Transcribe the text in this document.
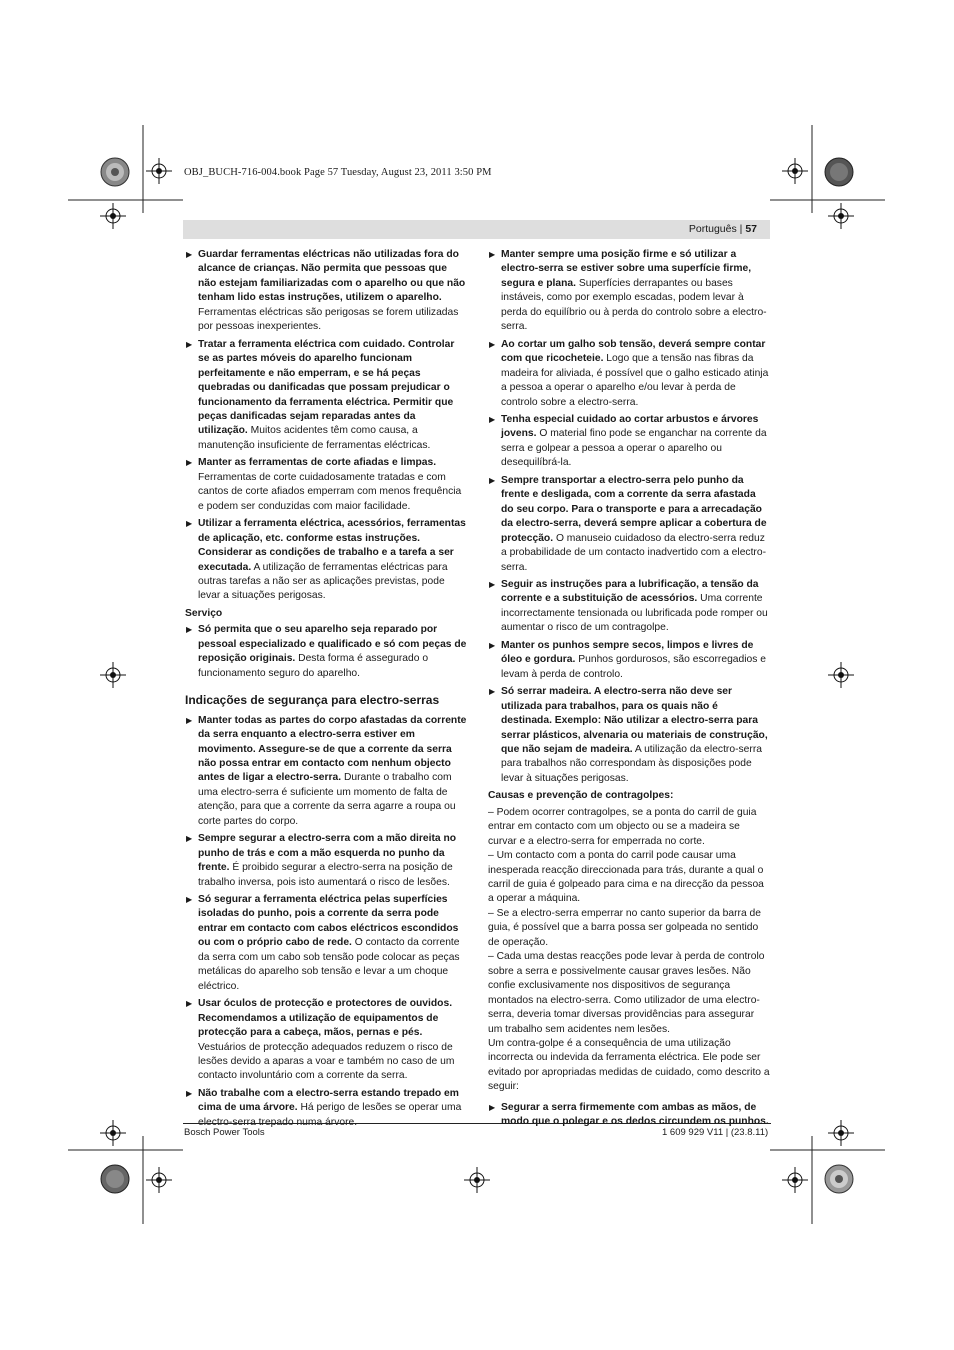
OBJ_BUCH-716-004.book Page 57 Tuesday, August 23, 2011 3:50 PM
Português | 57
▶ Guardar ferramentas eléctricas não utilizadas fora do alcance de crianças. Não permita que pessoas que não estejam familiarizadas com o aparelho ou que não tenham lido estas instruções, utilizem o aparelho. Ferramentas eléctricas são perigosas se forem utilizadas por pessoas inexperientes.
▶ Tratar a ferramenta eléctrica com cuidado. Controlar se as partes móveis do aparelho funcionam perfeitamente e não emperram, e se há peças quebradas ou danificadas que possam prejudicar o funcionamento da ferramenta eléctrica. Permitir que peças danificadas sejam reparadas antes da utilização. Muitos acidentes têm como causa, a manutenção insuficiente de ferramentas eléctricas.
▶ Manter as ferramentas de corte afiadas e limpas. Ferramentas de corte cuidadosamente tratadas e com cantos de corte afiados emperram com menos frequência e podem ser conduzidas com maior facilidade.
▶ Utilizar a ferramenta eléctrica, acessórios, ferramentas de aplicação, etc. conforme estas instruções. Considerar as condições de trabalho e a tarefa a ser executada. A utilização de ferramentas eléctricas para outras tarefas a não ser as aplicações previstas, pode levar a situações perigosas.
Serviço
▶ Só permita que o seu aparelho seja reparado por pessoal especializado e qualificado e só com peças de reposição originais. Desta forma é assegurado o funcionamento seguro do aparelho.
Indicações de segurança para electro-serras
▶ Manter todas as partes do corpo afastadas da corrente da serra enquanto a electro-serra estiver em movimento. Assegure-se de que a corrente da serra não possa entrar em contacto com nenhum objecto antes de ligar a electro-serra. Durante o trabalho com uma electro-serra é suficiente um momento de falta de atenção, para que a corrente da serra agarre a roupa ou corte partes do corpo.
▶ Sempre segurar a electro-serra com a mão direita no punho de trás e com a mão esquerda no punho da frente. É proibido segurar a electro-serra na posição de trabalho inversa, pois isto aumentará o risco de lesões.
▶ Só segurar a ferramenta eléctrica pelas superfícies isoladas do punho, pois a corrente da serra pode entrar em contacto com cabos eléctricos escondidos ou com o próprio cabo de rede. O contacto da corrente da serra com um cabo sob tensão pode colocar as peças metálicas do aparelho sob tensão e levar a um choque eléctrico.
▶ Usar óculos de protecção e protectores de ouvidos. Recomendamos a utilização de equipamentos de protecção para a cabeça, mãos, pernas e pés. Vestuários de protecção adequados reduzem o risco de lesões devido a aparas a voar e também no caso de um contacto involuntário com a corrente da serra.
▶ Não trabalhe com a electro-serra estando trepado em cima de uma árvore. Há perigo de lesões se operar uma electro-serra trepado numa árvore.
▶ Manter sempre uma posição firme e só utilizar a electro-serra se estiver sobre uma superfície firme, segura e plana. Superfícies derrapantes ou bases instáveis, como por exemplo escadas, podem levar à perda do equilíbrio ou à perda do controlo sobre a electro-serra.
▶ Ao cortar um galho sob tensão, deverá sempre contar com que ricocheteie. Logo que a tensão nas fibras da madeira for aliviada, é possível que o galho esticado atinja a pessoa a operar o aparelho e/ou levar à perda de controlo sobre a electro-serra.
▶ Tenha especial cuidado ao cortar arbustos e árvores jovens. O material fino pode se enganchar na corrente da serra e golpear a pessoa a operar o aparelho ou desequilíbrá-la.
▶ Sempre transportar a electro-serra pelo punho da frente e desligada, com a corrente da serra afastada do seu corpo. Para o transporte e para a arrecadação da electro-serra, deverá sempre aplicar a cobertura de protecção. O manuseio cuidadoso da electro-serra reduz a probabilidade de um contacto inadvertido com a electro-serra.
▶ Seguir as instruções para a lubrificação, a tensão da corrente e a substituição de acessórios. Uma corrente incorrectamente tensionada ou lubrificada pode romper ou aumentar o risco de um contragolpe.
▶ Manter os punhos sempre secos, limpos e livres de óleo e gordura. Punhos gordurosos, são escorregadios e levam à perda de controlo.
▶ Só serrar madeira. A electro-serra não deve ser utilizada para trabalhos, para os quais não é destinada. Exemplo: Não utilizar a electro-serra para serrar plásticos, alvenaria ou materiais de construção, que não sejam de madeira. A utilização da electro-serra para trabalhos não correspondam às disposições pode levar à situações perigosas.
Causas e prevenção de contragolpes:

– Podem ocorrer contragolpes, se a ponta do carril de guia entrar em contacto com um objecto ou se a madeira se curvar e a electro-serra for emperrada no corte.

– Um contacto com a ponta do carril pode causar uma inesperada reacção direccionada para trás, durante a qual o carril de guia é golpeado para cima e na direcção da pessoa a operar a máquina.

– Se a electro-serra emperrar no canto superior da barra de guia, é possível que a barra possa ser golpeada no sentido de operação.

– Cada uma destas reacções pode levar à perda de controlo sobre a serra e possivelmente causar graves lesões. Não confie exclusivamente nos dispositivos de segurança montados na electro-serra. Como utilizador de uma electro-serra, deveria tomar diversas providências para assegurar um trabalho sem acidentes nem lesões.

Um contra-golpe é a consequência de uma utilização incorrecta ou indevida da ferramenta eléctrica. Ele pode ser evitado por apropriadas medidas de cuidado, como descrito a seguir:

▶ Segurar a serra firmemente com ambas as mãos, de modo que o polegar e os dedos circundem os punhos.
Bosch Power Tools	1 609 929 V11 | (23.8.11)
